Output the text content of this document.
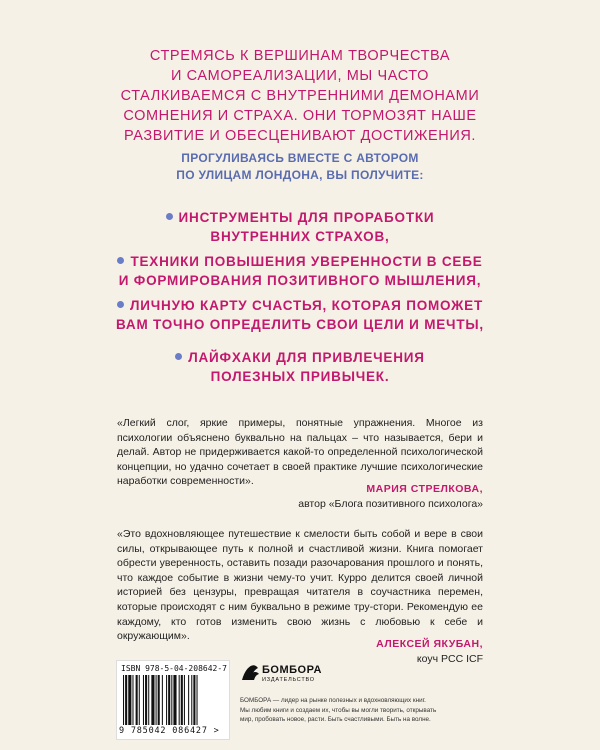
СТРЕМЯСЬ К ВЕРШИНАМ ТВОРЧЕСТВА
И САМОРЕАЛИЗАЦИИ, МЫ ЧАСТО
СТАЛКИВАЕМСЯ С ВНУТРЕННИМИ ДЕМОНАМИ
СОМНЕНИЯ И СТРАХА. ОНИ ТОРМОЗЯТ НАШЕ
РАЗВИТИЕ И ОБЕСЦЕНИВАЮТ ДОСТИЖЕНИЯ.
ПРОГУЛИВАЯСЬ ВМЕСТЕ С АВТОРОМ
ПО УЛИЦАМ ЛОНДОНА, ВЫ ПОЛУЧИТЕ:
ИНСТРУМЕНТЫ ДЛЯ ПРОРАБОТКИ
ВНУТРЕННИХ СТРАХОВ,
ТЕХНИКИ ПОВЫШЕНИЯ УВЕРЕННОСТИ В СЕБЕ
И ФОРМИРОВАНИЯ ПОЗИТИВНОГО МЫШЛЕНИЯ,
ЛИЧНУЮ КАРТУ СЧАСТЬЯ, КОТОРАЯ ПОМОЖЕТ
ВАМ ТОЧНО ОПРЕДЕЛИТЬ СВОИ ЦЕЛИ И МЕЧТЫ,
ЛАЙФХАКИ ДЛЯ ПРИВЛЕЧЕНИЯ
ПОЛЕЗНЫХ ПРИВЫЧЕК.
«Легкий слог, яркие примеры, понятные упражнения. Многое из психологии объяснено буквально на пальцах – что называется, бери и делай. Автор не придерживается какой-то определенной психологической концепции, но удачно сочетает в своей практике лучшие психологические наработки современности».
МАРИЯ СТРЕЛКОВА,
автор «Блога позитивного психолога»
«Это вдохновляющее путешествие к смелости быть собой и вере в свои силы, открывающее путь к полной и счастливой жизни. Книга помогает обрести уверенность, оставить позади разочарования прошлого и понять, что каждое событие в жизни чему-то учит. Курро делится своей личной историей без цензуры, превращая читателя в соучастника перемен, которые происходят с ним буквально в режиме тру-стори. Рекомендую ее каждому, кто готов изменить свою жизнь с любовью к себе и окружающим».
АЛЕКСЕЙ ЯКУБАН,
коуч PCC ICF
ISBN 978-5-04-208642-7
9 785042 086427 >
БОМБОРА
ИЗДАТЕЛЬСТВО
БОМБОРА — лидер на рынке полезных и вдохновляющих книг.
Мы любим книги и создаем их, чтобы вы могли творить, открывать
мир, пробовать новое, расти. Быть счастливыми. Быть на волне.
